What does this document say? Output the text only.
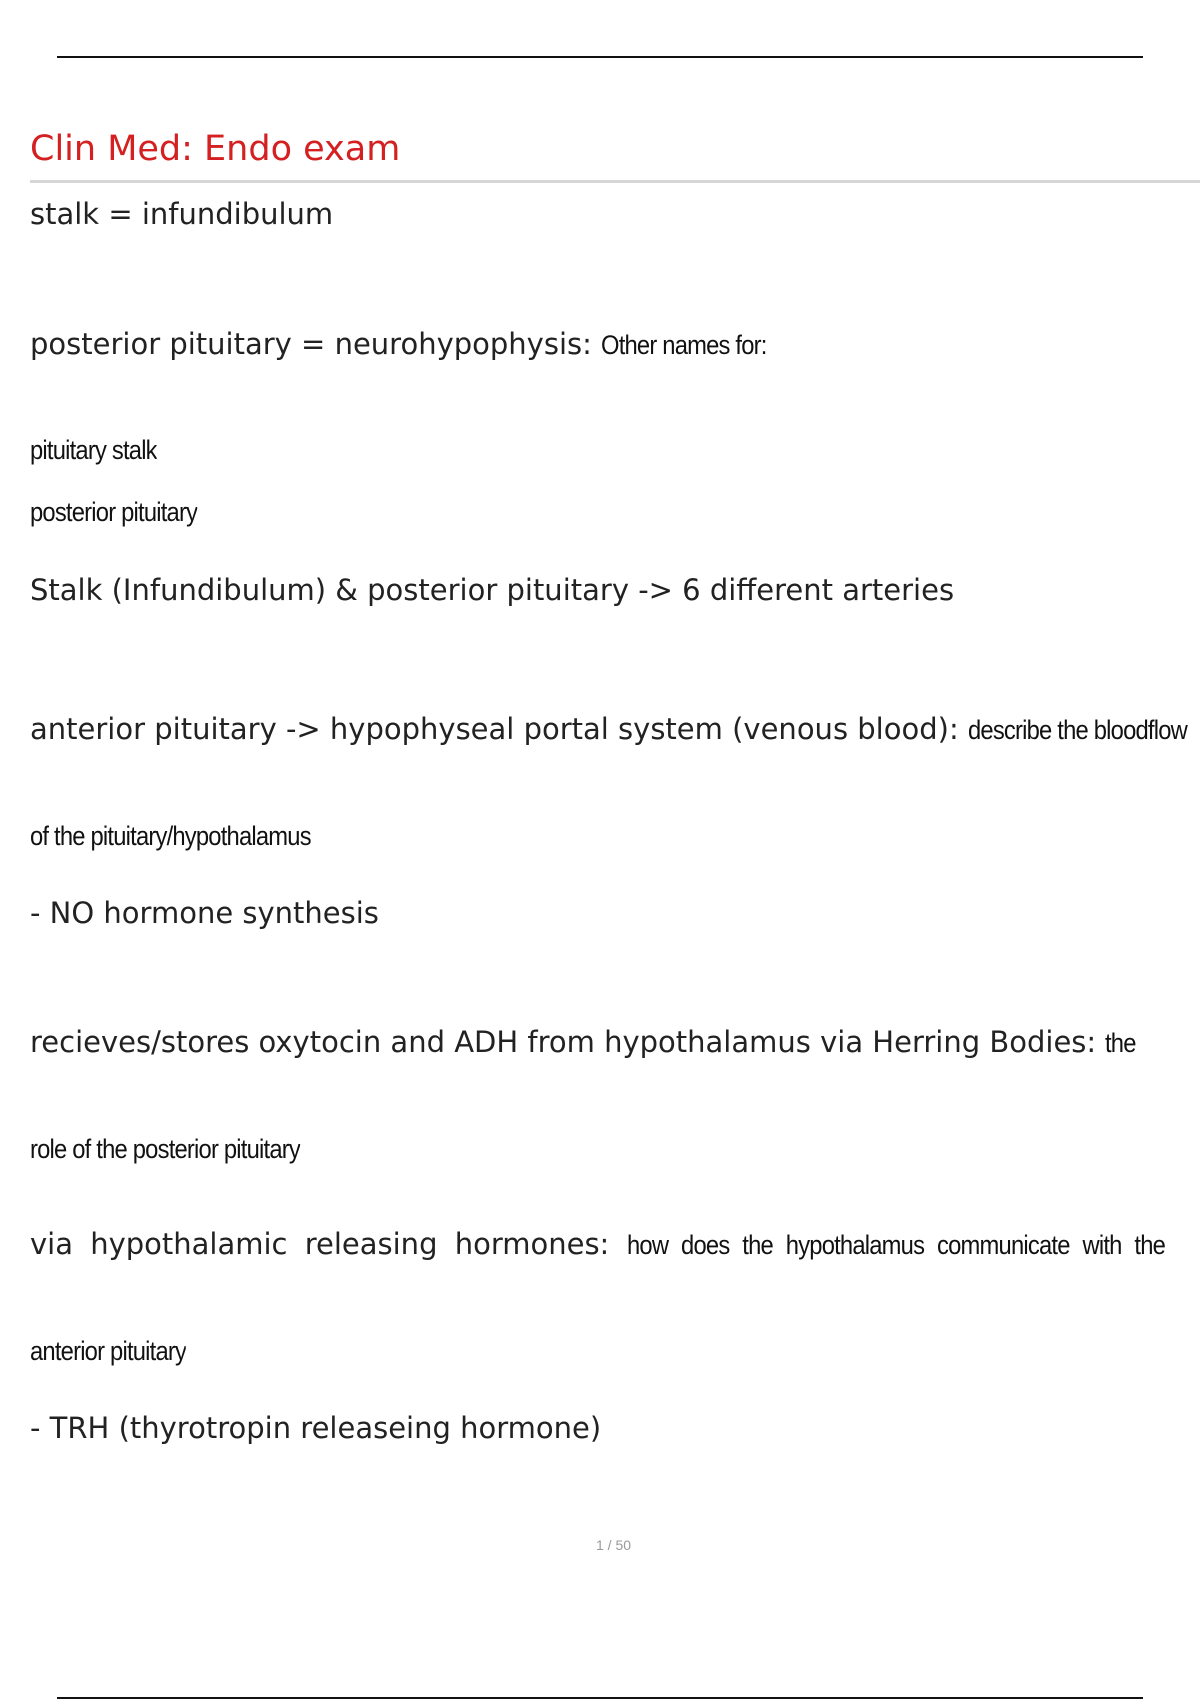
Clin Med: Endo exam

stalk = infundibulum

posterior pituitary = neurohypophysis: Other names for:

pituitary stalk

posterior pituitary

Stalk (Infundibulum) & posterior pituitary -> 6 different arteries

anterior pituitary -> hypophyseal portal system (venous blood): describe the bloodflow

of the pituitary/hypothalamus

- NO hormone synthesis

recieves/stores oxytocin and ADH from hypothalamus via Herring Bodies: the

role of the posterior pituitary

via hypothalamic releasing hormones: how does the hypothalamus communicate with the

anterior pituitary

- TRH (thyrotropin releaseing hormone)

1 / 50
